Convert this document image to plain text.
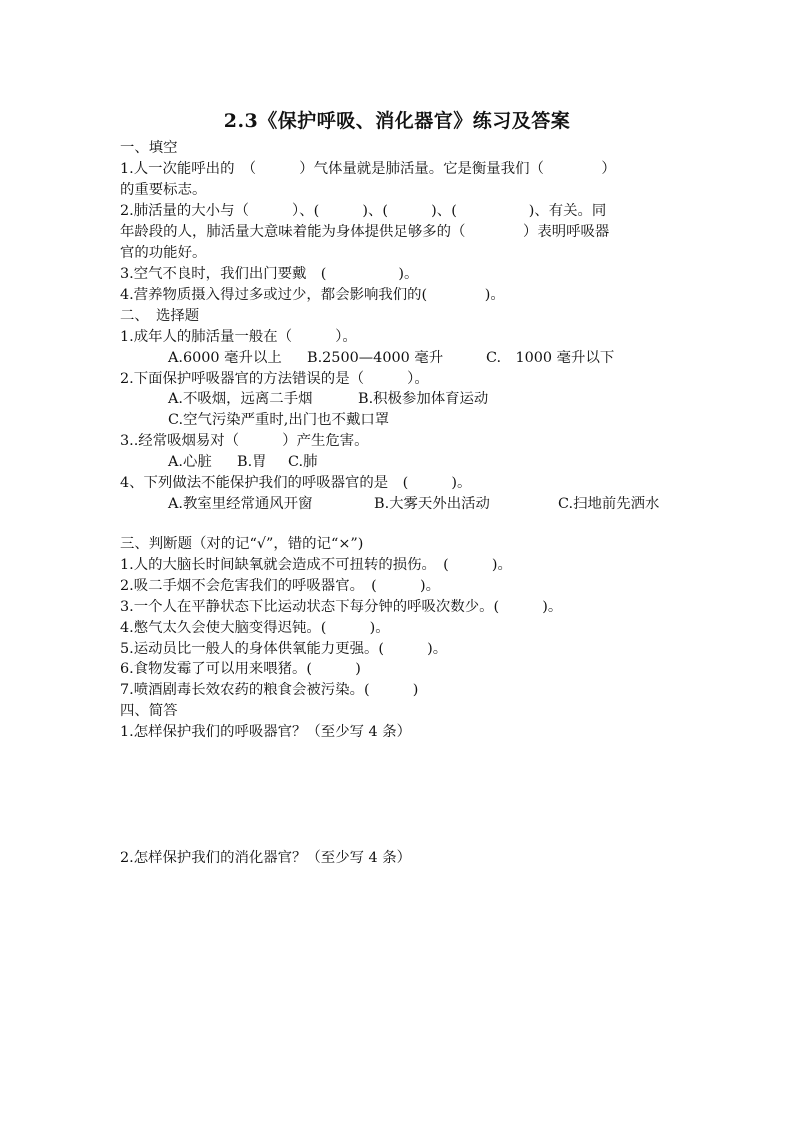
2.3《保护呼吸、消化器官》练习及答案
一、填空
1.人一次能呼出的　（　　　）气体量就是肺活量。它是衡量我们（　　　　）
的重要标志。
2.肺活量的大小与（　　　）、(　　　)、(　　　)、(　　　　　)、有关。同
年龄段的人，肺活量大意味着能为身体提供足够多的（　　　　）表明呼吸器
官的功能好。
3.空气不良时，我们出门要戴　(　　　　　)。
4.营养物质摄入得过多或过少，都会影响我们的(　　　　)。
二、　选择题
1.成年人的肺活量一般在（　　　）。
A.6000 毫升以上 B.2500—4000 毫升	C.　1000 毫升以下
2.下面保护呼吸器官的方法错误的是（　　　）。
A.不吸烟，远离二手烟	B.积极参加体育运动
C.空气污染严重时,出门也不戴口罩
3..经常吸烟易对（　　　）产生危害。
A.心脏 B.胃 C.肺
4、下列做法不能保护我们的呼吸器官的是　(　　　)。
A.教室里经常通风开窗	B.大雾天外出活动	C.扫地前先洒水
三、判断题（对的记“√”，错的记“×”)
1.人的大脑长时间缺氧就会造成不可扭转的损伤。　(　　　)。
2.吸二手烟不会危害我们的呼吸器官。　(　　　)。
3.一个人在平静状态下比运动状态下每分钟的呼吸次数少。(　　　)。
4.憋气太久会使大脑变得迟钝。(　　　)。
5.运动员比一般人的身体供氧能力更强。(　　　)。
6.食物发霉了可以用来喂猪。(　　　)
7.喷酒剧毒长效农药的粮食会被污染。(　　　)
四、简答
1.怎样保护我们的呼吸器官？（至少写 4 条）
2.怎样保护我们的消化器官？（至少写 4 条）
